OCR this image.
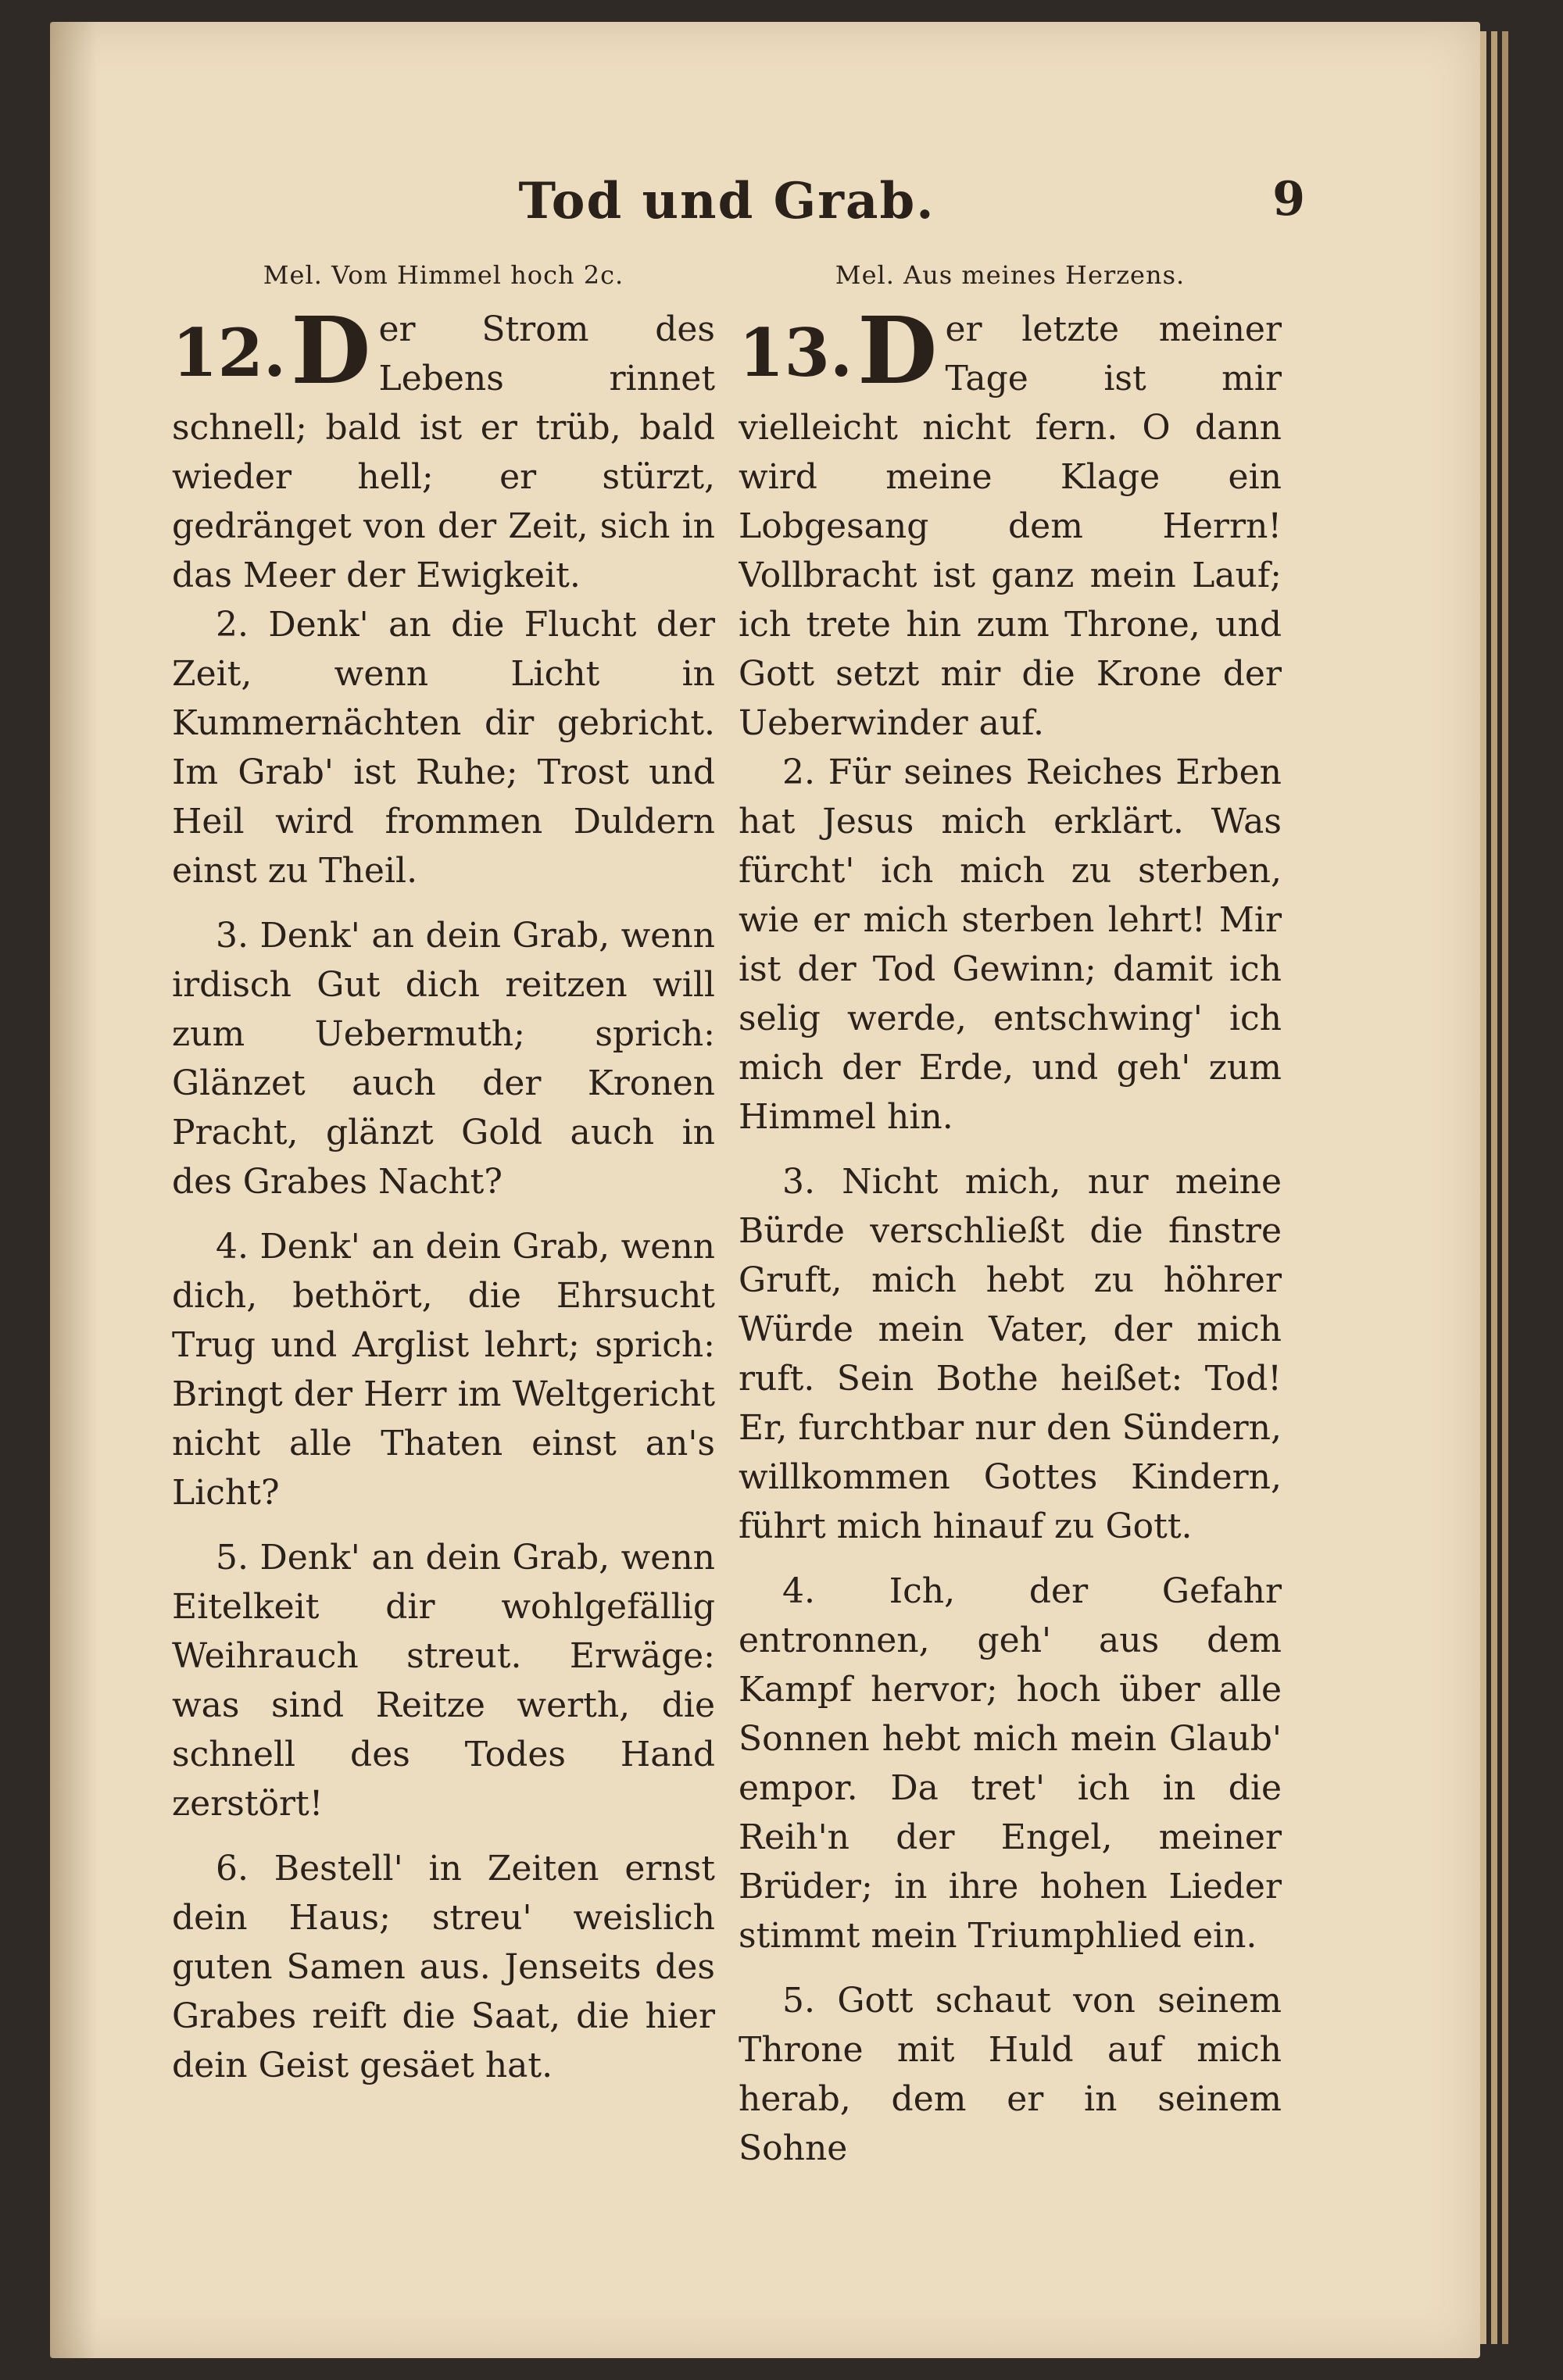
Tod und Grab.	9
Mel. Vom Himmel hoch 2c.
12. D er Strom des Lebens rinnet schnell; bald ist er trüb, bald wieder hell; er stürzt, gedränget von der Zeit, sich in das Meer der Ewigkeit.

2. Denk' an die Flucht der Zeit, wenn Licht in Kummernächten dir gebricht. Im Grab' ist Ruhe; Trost und Heil wird frommen Duldern einst zu Theil.

3. Denk' an dein Grab, wenn irdisch Gut dich reitzen will zum Uebermuth; sprich: Glänzet auch der Kronen Pracht, glänzt Gold auch in des Grabes Nacht?

4. Denk' an dein Grab, wenn dich, bethört, die Ehrsucht Trug und Arglist lehrt; sprich: Bringt der Herr im Weltgericht nicht alle Thaten einst an's Licht?

5. Denk' an dein Grab, wenn Eitelkeit dir wohlgefällig Weihrauch streut. Erwäge: was sind Reitze werth, die schnell des Todes Hand zerstört!

6. Bestell' in Zeiten ernst dein Haus; streu' weislich guten Samen aus. Jenseits des Grabes reift die Saat, die hier dein Geist gesäet hat.

Mel. Aus meines Herzens.
13. D er letzte meiner Tage ist mir vielleicht nicht fern. O dann wird meine Klage ein Lobgesang dem Herrn! Vollbracht ist ganz mein Lauf; ich trete hin zum Throne, und Gott setzt mir die Krone der Ueberwinder auf.

2. Für seines Reiches Erben hat Jesus mich erklärt. Was fürcht' ich mich zu sterben, wie er mich sterben lehrt! Mir ist der Tod Gewinn; damit ich selig werde, entschwing' ich mich der Erde, und geh' zum Himmel hin.

3. Nicht mich, nur meine Bürde verschließt die finstre Gruft, mich hebt zu höhrer Würde mein Vater, der mich ruft. Sein Bothe heißet: Tod! Er, furchtbar nur den Sündern, willkommen Gottes Kindern, führt mich hinauf zu Gott.

4. Ich, der Gefahr entronnen, geh' aus dem Kampf hervor; hoch über alle Sonnen hebt mich mein Glaub' empor. Da tret' ich in die Reih'n der Engel, meiner Brüder; in ihre hohen Lieder stimmt mein Triumphlied ein.

5. Gott schaut von seinem Throne mit Huld auf mich herab, dem er in seinem Sohne
